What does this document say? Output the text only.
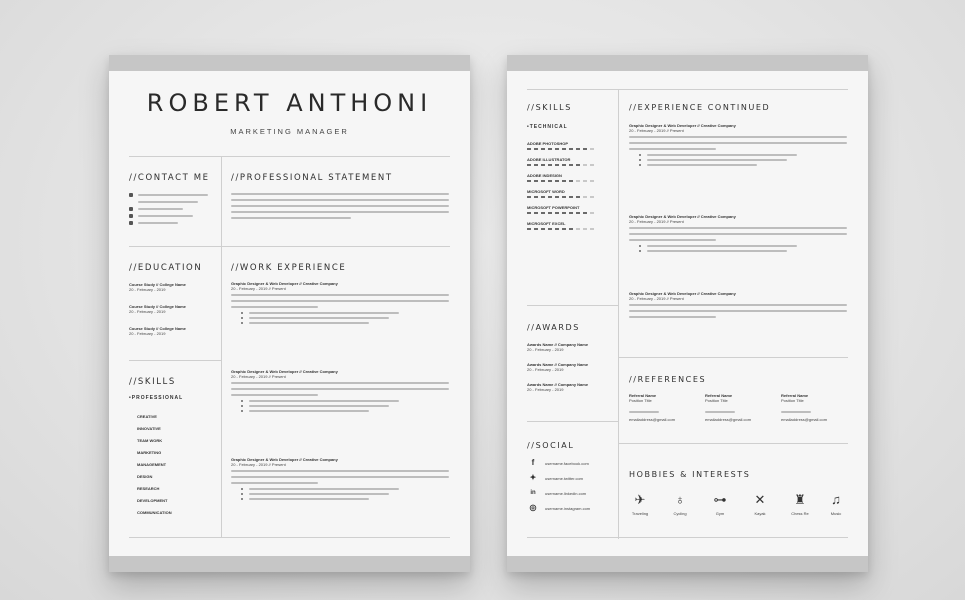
ROBERT ANTHONI
MARKETING MANAGER
//CONTACT ME	//PROFESSIONAL STATEMENT
//EDUCATION
Course Study // College Name
20 - February - 2019
Course Study // College Name
20 - February - 2019
Course Study // College Name
20 - February - 2019
//SKILLS
•PROFESSIONAL
CREATIVE
INNOVATIVE
TEAM WORK
MARKETING
MANAGEMENT
DESIGN
RESEARCH
DEVELOPMENT
COMMUNICATION
//WORK EXPERIENCE
Graphic Designer & Web Developer // Creative Company
20 - February - 2019 // Present
Graphic Designer & Web Developer // Creative Company
20 - February - 2019 // Present
Graphic Designer & Web Developer // Creative Company
20 - February - 2019 // Present
//SKILLS
•TECHNICAL
ADOBE PHOTOSHOP
ADOBE ILLUSTRATOR
ADOBE INDESIGN
MICROSOFT WORD
MICROSOFT POWERPOINT
MICROSOFT EXCEL
//AWARDS
Awards Name // Company Name
20 - February - 2019
Awards Name // Company Name
20 - February - 2019
Awards Name // Company Name
20 - February - 2019
//SOCIAL
f	username.facebook.com
✦ username.twitter.com
in	username.linkedin.com
◎ username.instagram.com
//EXPERIENCE CONTINUED
Graphic Designer & Web Developer // Creative Company
20 - February - 2019 // Present
Graphic Designer & Web Developer // Creative Company
20 - February - 2019 // Present
Graphic Designer & Web Developer // Creative Company
20 - February - 2019 // Present
//REFERENCES
Referral Name
Position Title
emailaddress@gmail.com
Referral Name
Position Title
emailaddress@gmail.com
Referral Name
Position Title
emailaddress@gmail.com
HOBBIES & INTERESTS
✈
Traveling
♁
Cycling
⊶
Gym
✕
Kayak
♜
Chess Re
♫
Music
